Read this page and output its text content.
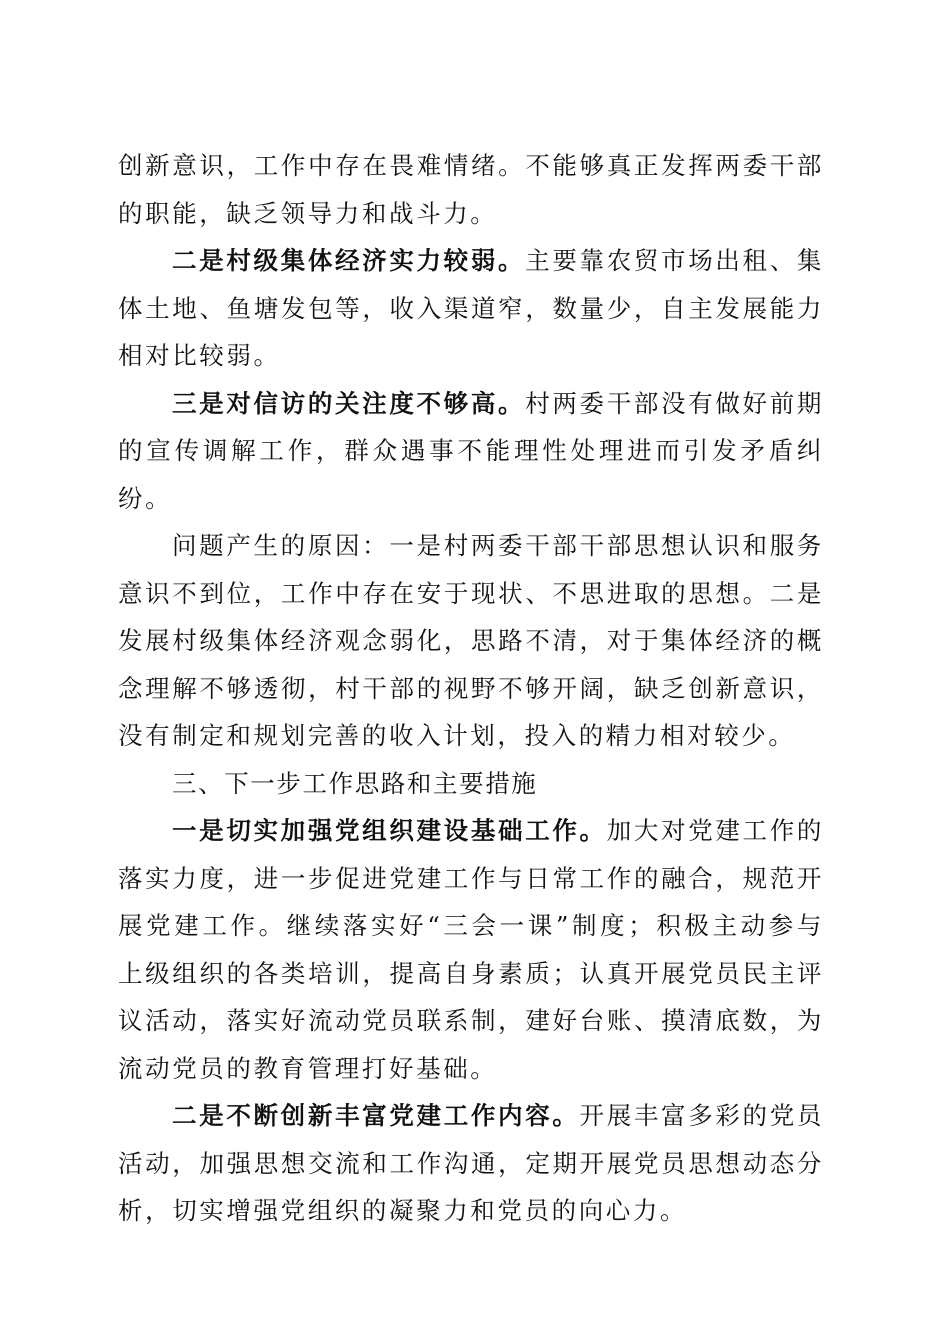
创新意识，工作中存在畏难情绪。不能够真正发挥两委干部的职能，缺乏领导力和战斗力。

二是村级集体经济实力较弱。主要靠农贸市场出租、集体土地、鱼塘发包等，收入渠道窄，数量少，自主发展能力相对比较弱。

三是对信访的关注度不够高。村两委干部没有做好前期的宣传调解工作，群众遇事不能理性处理进而引发矛盾纠纷。

问题产生的原因：一是村两委干部干部思想认识和服务意识不到位，工作中存在安于现状、不思进取的思想。二是发展村级集体经济观念弱化，思路不清，对于集体经济的概念理解不够透彻，村干部的视野不够开阔，缺乏创新意识，没有制定和规划完善的收入计划，投入的精力相对较少。

三、下一步工作思路和主要措施

一是切实加强党组织建设基础工作。加大对党建工作的落实力度，进一步促进党建工作与日常工作的融合，规范开展党建工作。继续落实好“三会一课”制度；积极主动参与上级组织的各类培训，提高自身素质；认真开展党员民主评议活动，落实好流动党员联系制，建好台账、摸清底数，为流动党员的教育管理打好基础。

二是不断创新丰富党建工作内容。开展丰富多彩的党员活动，加强思想交流和工作沟通，定期开展党员思想动态分析，切实增强党组织的凝聚力和党员的向心力。
